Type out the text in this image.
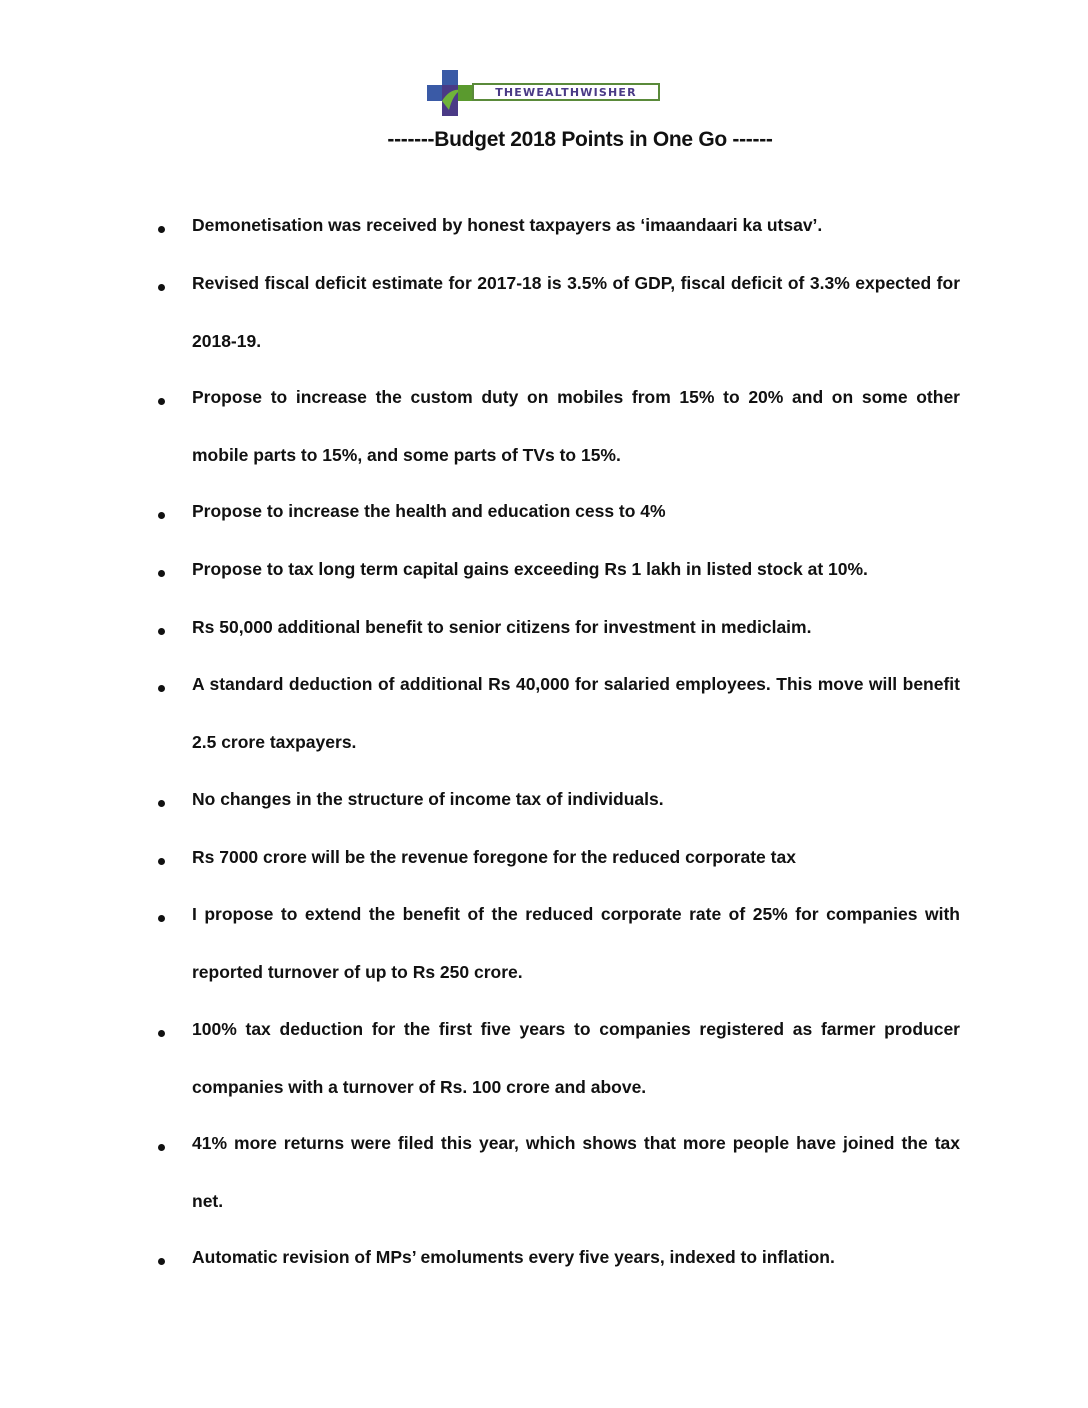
THEWEALTHWISHER
-------Budget 2018 Points in One Go ------
Demonetisation was received by honest taxpayers as ‘imaandaari ka utsav’.
Revised fiscal deficit estimate for 2017-18 is 3.5% of GDP, fiscal deficit of 3.3% expected for 2018-19.
Propose to increase the custom duty on mobiles from 15% to 20% and on some other mobile parts to 15%, and some parts of TVs to 15%.
Propose to increase the health and education cess to 4%
Propose to tax long term capital gains exceeding Rs 1 lakh in listed stock at 10%.
Rs 50,000 additional benefit to senior citizens for investment in mediclaim.
A standard deduction of additional Rs 40,000 for salaried employees. This move will benefit 2.5 crore taxpayers.
No changes in the structure of income tax of individuals.
Rs 7000 crore will be the revenue foregone for the reduced corporate tax
I propose to extend the benefit of the reduced corporate rate of 25% for companies with reported turnover of up to Rs 250 crore.
100% tax deduction for the first five years to companies registered as farmer producer companies with a turnover of Rs. 100 crore and above.
41% more returns were filed this year, which shows that more people have joined the tax net.
Automatic revision of MPs’ emoluments every five years, indexed to inflation.
